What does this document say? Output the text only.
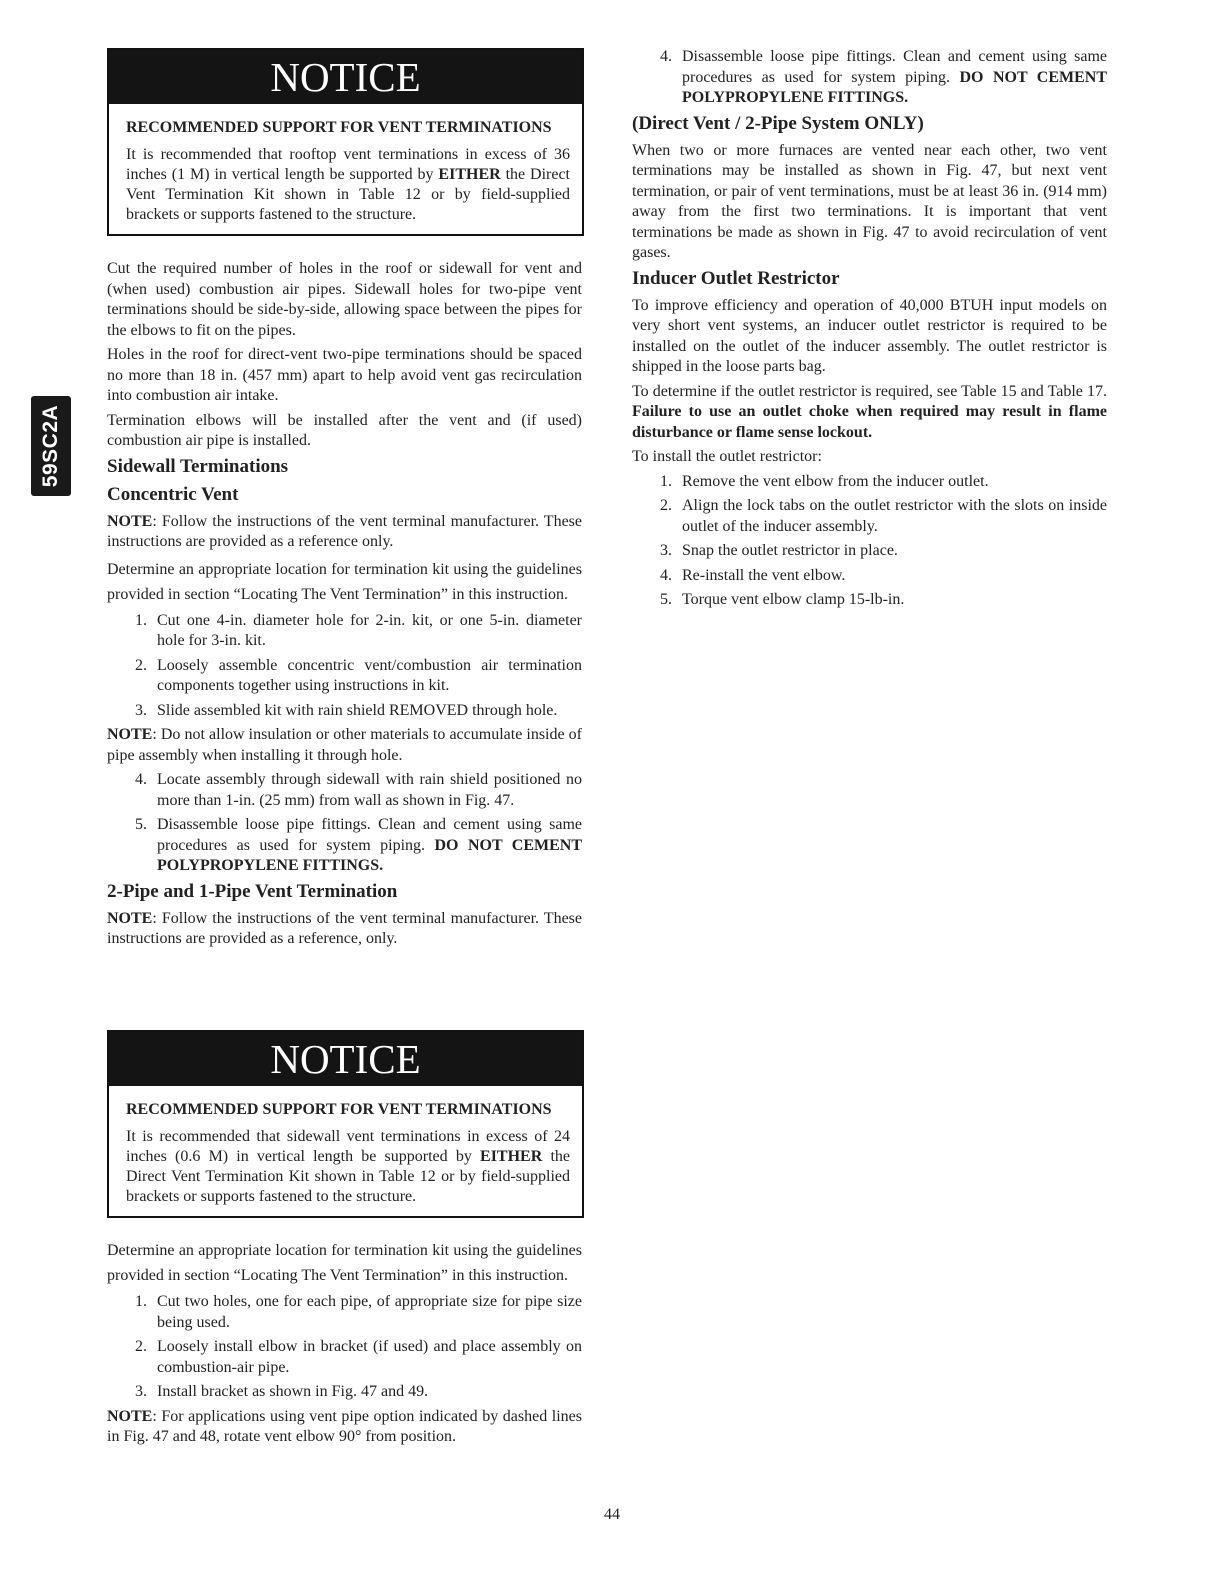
59SC2A
NOTICE
RECOMMENDED SUPPORT FOR VENT TERMINATIONS

It is recommended that rooftop vent terminations in excess of 36 inches (1 M) in vertical length be supported by EITHER the Direct Vent Termination Kit shown in Table 12 or by field-supplied brackets or supports fastened to the structure.

Cut the required number of holes in the roof or sidewall for vent and (when used) combustion air pipes. Sidewall holes for two-pipe vent terminations should be side-by-side, allowing space between the pipes for the elbows to fit on the pipes.

Holes in the roof for direct-vent two-pipe terminations should be spaced no more than 18 in. (457 mm) apart to help avoid vent gas recirculation into combustion air intake.

Termination elbows will be installed after the vent and (if used) combustion air pipe is installed.

Sidewall Terminations
Concentric Vent

NOTE: Follow the instructions of the vent terminal manufacturer. These instructions are provided as a reference only.

Determine an appropriate location for termination kit using the guidelines provided in section “Locating The Vent Termination” in this instruction.

1. Cut one 4-in. diameter hole for 2-in. kit, or one 5-in. diameter hole for 3-in. kit.
2. Loosely assemble concentric vent/combustion air termination components together using instructions in kit.
3. Slide assembled kit with rain shield REMOVED through hole.

NOTE: Do not allow insulation or other materials to accumulate inside of pipe assembly when installing it through hole.

4. Locate assembly through sidewall with rain shield positioned no more than 1-in. (25 mm) from wall as shown in Fig. 47.
5. Disassemble loose pipe fittings. Clean and cement using same procedures as used for system piping. DO NOT CEMENT POLYPROPYLENE FITTINGS.
2-Pipe and 1-Pipe Vent Termination

NOTE: Follow the instructions of the vent terminal manufacturer. These instructions are provided as a reference, only.

NOTICE
RECOMMENDED SUPPORT FOR VENT TERMINATIONS

It is recommended that sidewall vent terminations in excess of 24 inches (0.6 M) in vertical length be supported by EITHER the Direct Vent Termination Kit shown in Table 12 or by field-supplied brackets or supports fastened to the structure.

Determine an appropriate location for termination kit using the guidelines provided in section “Locating The Vent Termination” in this instruction.

1. Cut two holes, one for each pipe, of appropriate size for pipe size being used.
2. Loosely install elbow in bracket (if used) and place assembly on combustion-air pipe.
3. Install bracket as shown in Fig. 47 and 49.

NOTE: For applications using vent pipe option indicated by dashed lines in Fig. 47 and 48, rotate vent elbow 90° from position.

4. Disassemble loose pipe fittings. Clean and cement using same procedures as used for system piping. DO NOT CEMENT POLYPROPYLENE FITTINGS.
(Direct Vent / 2-Pipe System ONLY)

When two or more furnaces are vented near each other, two vent terminations may be installed as shown in Fig. 47, but next vent termination, or pair of vent terminations, must be at least 36 in. (914 mm) away from the first two terminations. It is important that vent terminations be made as shown in Fig. 47 to avoid recirculation of vent gases.

Inducer Outlet Restrictor

To improve efficiency and operation of 40,000 BTUH input models on very short vent systems, an inducer outlet restrictor is required to be installed on the outlet of the inducer assembly. The outlet restrictor is shipped in the loose parts bag.

To determine if the outlet restrictor is required, see Table 15 and Table 17. Failure to use an outlet choke when required may result in flame disturbance or flame sense lockout.

To install the outlet restrictor:

1. Remove the vent elbow from the inducer outlet.
2. Align the lock tabs on the outlet restrictor with the slots on inside outlet of the inducer assembly.
3. Snap the outlet restrictor in place.
4. Re-install the vent elbow.
5. Torque vent elbow clamp 15-lb-in.
44
